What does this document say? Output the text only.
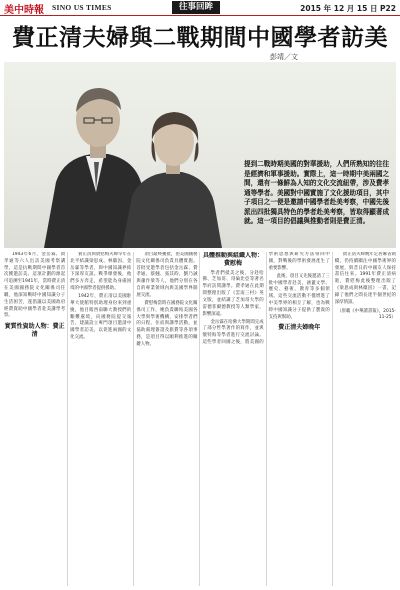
美中時報 SINO US TIMES	往事回眸	2015 年 12 月 15 日 P22
費正清夫婦與二戰期間中國學者訪美
彭靖／文
提到二戰時期美國的對華援助，人們所熟知的往往是經濟和軍事援助。實際上，這一時期中美兩國之間，還有一條鮮為人知的文化交流紐帶，涉及費孝通等學者。美國對中國實施了文化援助項目，其中子項目之一便是邀請中國學者赴美考察，中國先後派出四批獨具特色的學者赴美考察，皆取得顯著成就。這一項目的倡議與推動者則是費正清。

1943年6月，金岳霖、費孝通等六人出訪美國考察講學，這是抗戰期間中國學者首次獲邀訪美。這項計劃的源起可追溯至1941年，當時費正清在美國國務院文化關係司任職，他深知戰時中國知識分子生活困苦，遂倡議以美國政府經費資助中國學者赴美講學考察。

實質性資助人物：費正清

費正清與費慰梅夫婦早年在北平結識梁思成、林徽因、金岳霖等學者，與中國知識界結下深厚友誼。戰爭爆發後，他們多方奔走，希望能為身處困境的中國學者提供援助。

1942年，費正清以美國駐華大使館特別助理身份來到重慶，他目睹西南聯大教授們的艱難處境，向國務院提交報告，建議設立專門項目邀請中國學者訪美，以促進兩國的文化交流。

項目最終獲批，由美國國務院文化關係司負責具體實施。首批受邀學者包括金岳霖、費孝通、蔡翹、張其昀、劉乃誠與蕭作梁等人，他們分別在各自的專業領域內與美國學界開展交流。

費慰梅當時在國務院文化關係司工作，她負責聯絡美國各大學與學術機構，安排學者們的日程、住宿與講學活動，並協助處理簽證及旅費等各項事務，是項目得以順利推進的關鍵人物。

具體推動與組織人物：費慰梅

學者們抵美之後，分赴哈佛、芝加哥、哥倫比亞等著名學府訪問講學。費孝通在此期間整理出版了《雲南三村》英文版，並結識了芝加哥大學的雷德菲爾德教授等人類學家，影響深遠。

金岳霖在哈佛大學期間完成了部分哲學著作的寫作，並與懷特海等學者進行交流討論。這些學者回國之後，將美國的學術思想與研究方法帶回中國，對戰後的學術發展產生了重要影響。

此後，項目又先後邀請了三批中國學者赴美，涵蓋文學、歷史、藝術、教育等多個領域。這些交流活動不僅增進了中美學界的相互了解，也為戰時中國知識分子提供了寶貴的支持與幫助。

費正清夫婦晚年

費正清夫婦晚年定居麻省劍橋，仍持續關注中國學術界的發展，與昔日的中國友人保持書信往來。1991年費正清病逝，費慰梅此後整理出版了《梁思成與林徽因》一書，記錄了他們之間長達半個世紀的深厚情誼。

（原載《中華讀書報》，2015-11-25）
